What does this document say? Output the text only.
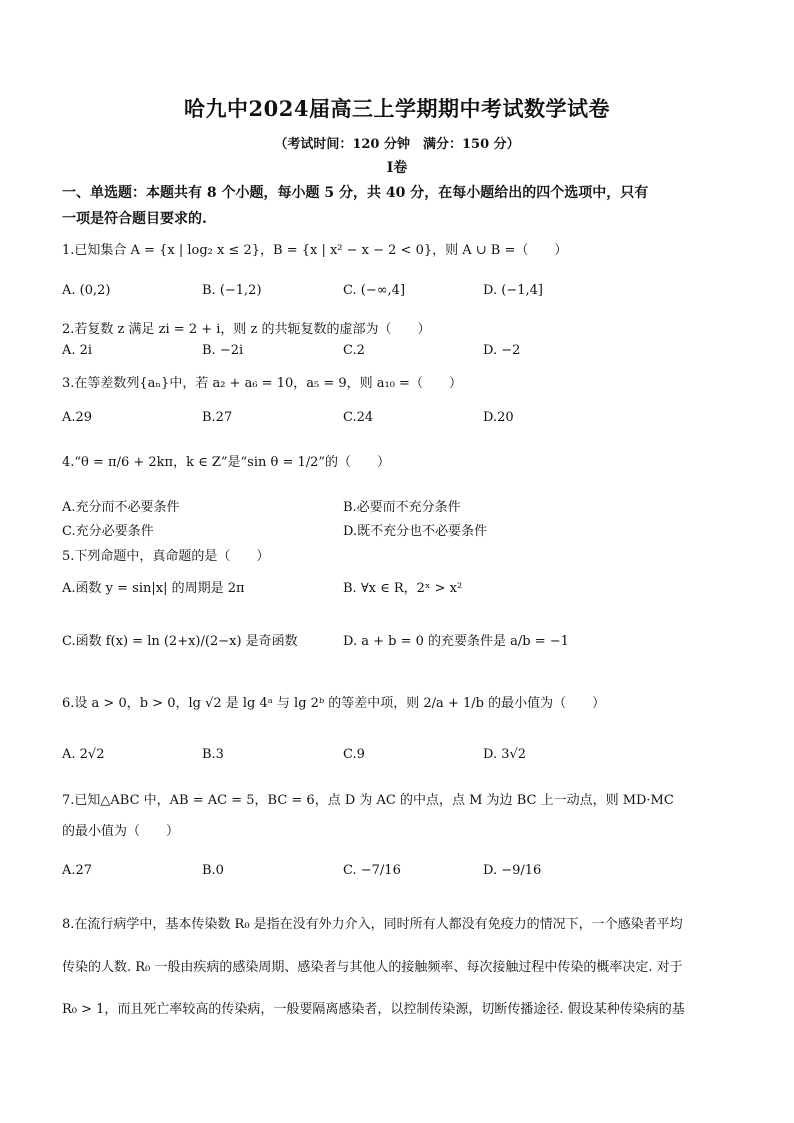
哈九中2024届高三上学期期中考试数学试卷
（考试时间：120 分钟　满分：150 分）
Ⅰ卷
一、单选题：本题共有 8 个小题，每小题 5 分，共 40 分，在每小题给出的四个选项中，只有
一项是符合题目要求的.
1.已知集合 A = {x | log₂ x ≤ 2}，B = {x | x² − x − 2 < 0}，则 A ∪ B =（　　）
A. (0,2)	B. (−1,2)	C. (−∞,4]	D. (−1,4]
2.若复数 z 满足 zi = 2 + i，则 z 的共轭复数的虚部为（　　）
A. 2i	B. −2i	C.2	D. −2
3.在等差数列{aₙ}中，若 a₂ + a₆ = 10，a₅ = 9，则 a₁₀ =（　　）
A.29	B.27	C.24	D.20
4.“θ = π/6 + 2kπ，k ∈ Z”是“sin θ = 1/2”的（　　）
A.充分而不必要条件	B.必要而不充分条件
C.充分必要条件	D.既不充分也不必要条件
5.下列命题中，真命题的是（　　）
A.函数 y = sin|x| 的周期是 2π	B. ∀x ∈ R，2ˣ > x²
C.函数 f(x) = ln (2+x)/(2−x) 是奇函数	D. a + b = 0 的充要条件是 a/b = −1
6.设 a > 0，b > 0，lg √2 是 lg 4ᵃ 与 lg 2ᵇ 的等差中项，则 2/a + 1/b 的最小值为（　　）
A. 2√2	B.3	C.9	D. 3√2
7.已知△ABC 中，AB = AC = 5，BC = 6，点 D 为 AC 的中点，点 M 为边 BC 上一动点，则 MD·MC
的最小值为（　　）
A.27	B.0	C. −7/16	D. −9/16
8.在流行病学中，基本传染数 R₀ 是指在没有外力介入，同时所有人都没有免疫力的情况下，一个感染者平均
传染的人数. R₀ 一般由疾病的感染周期、感染者与其他人的接触频率、每次接触过程中传染的概率决定. 对于
R₀ > 1，而且死亡率较高的传染病，一般要隔离感染者，以控制传染源，切断传播途径. 假设某种传染病的基
